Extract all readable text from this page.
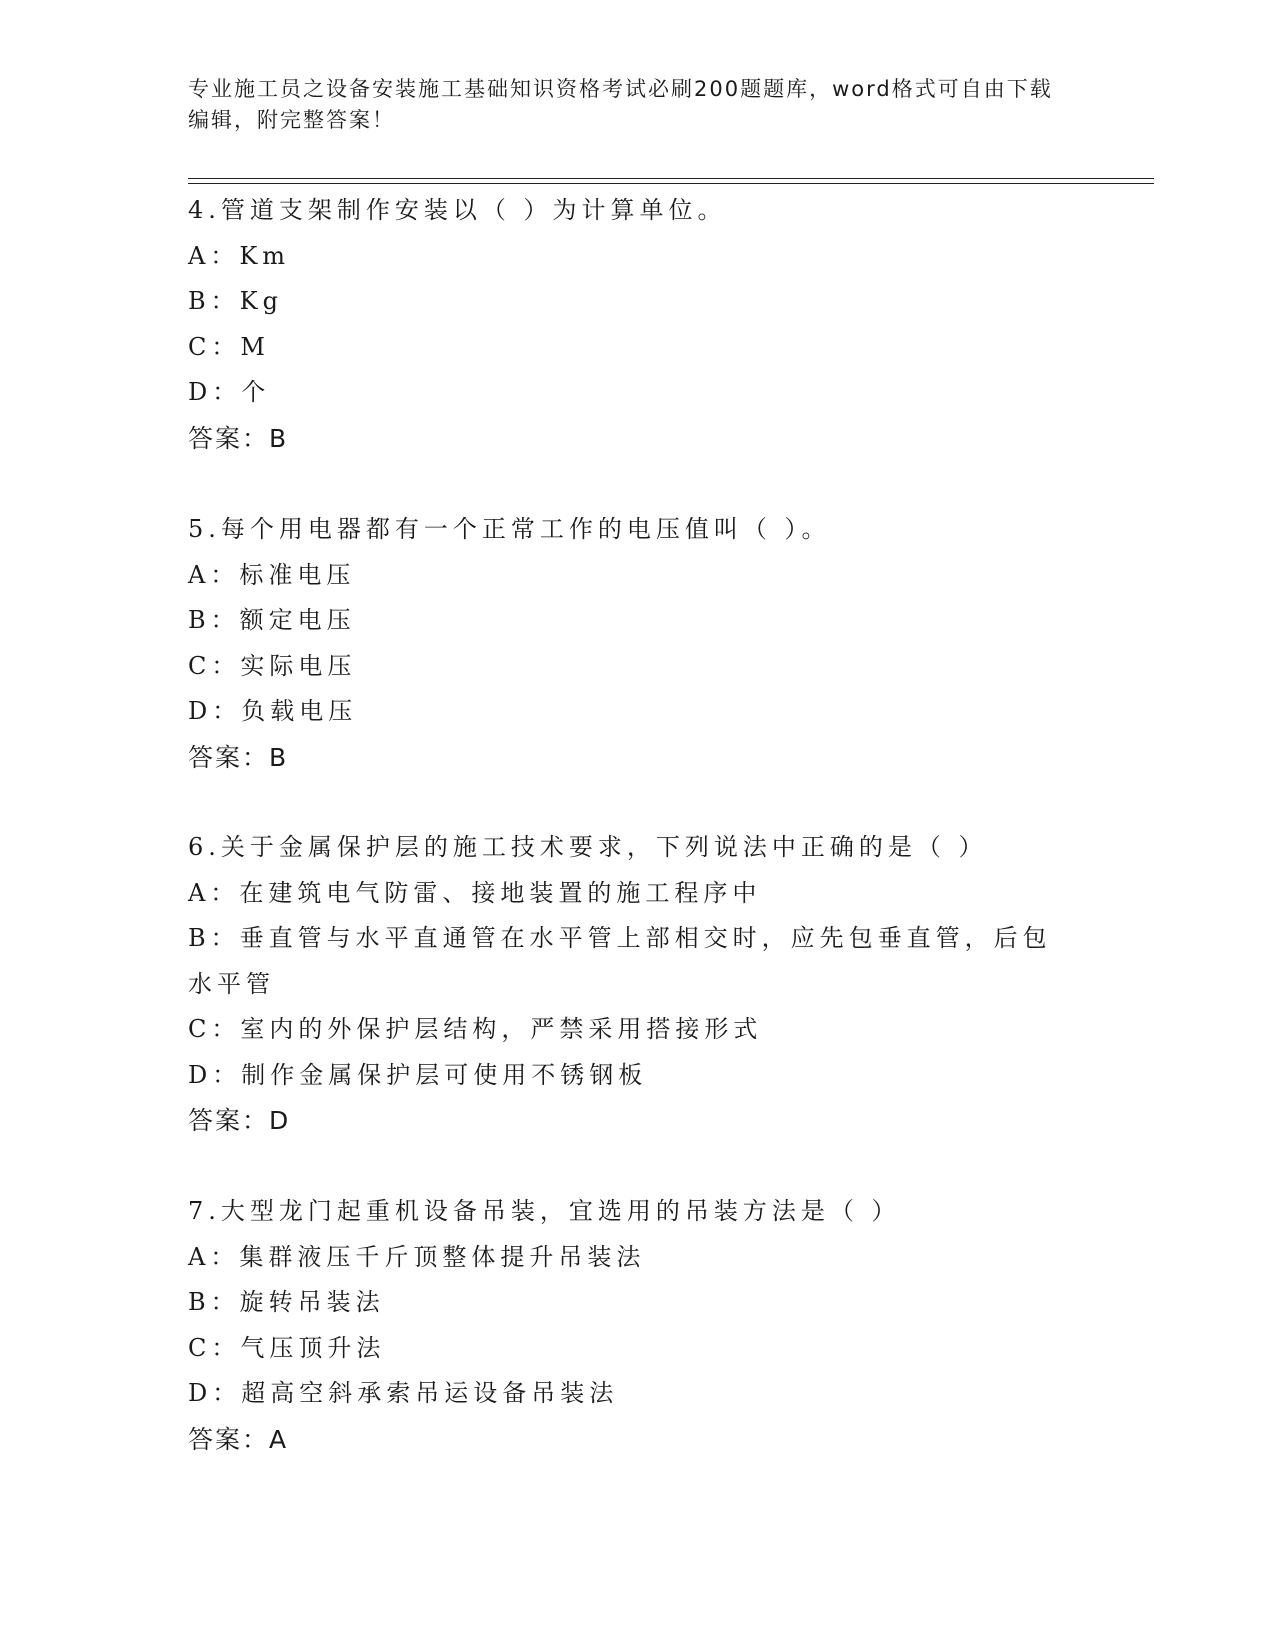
专业施工员之设备安装施工基础知识资格考试必刷200题题库，word格式可自由下载编辑，附完整答案！
4.管道支架制作安装以（ ）为计算单位。
A：Km
B：Kg
C：M
D：个
答案：B
5.每个用电器都有一个正常工作的电压值叫（ ）。
A：标准电压
B：额定电压
C：实际电压
D：负载电压
答案：B
6.关于金属保护层的施工技术要求，下列说法中正确的是（ ）
A：在建筑电气防雷、接地装置的施工程序中
B：垂直管与水平直通管在水平管上部相交时，应先包垂直管，后包水平管
C：室内的外保护层结构，严禁采用搭接形式
D：制作金属保护层可使用不锈钢板
答案：D
7.大型龙门起重机设备吊装，宜选用的吊装方法是（ ）
A：集群液压千斤顶整体提升吊装法
B：旋转吊装法
C：气压顶升法
D：超高空斜承索吊运设备吊装法
答案：A
